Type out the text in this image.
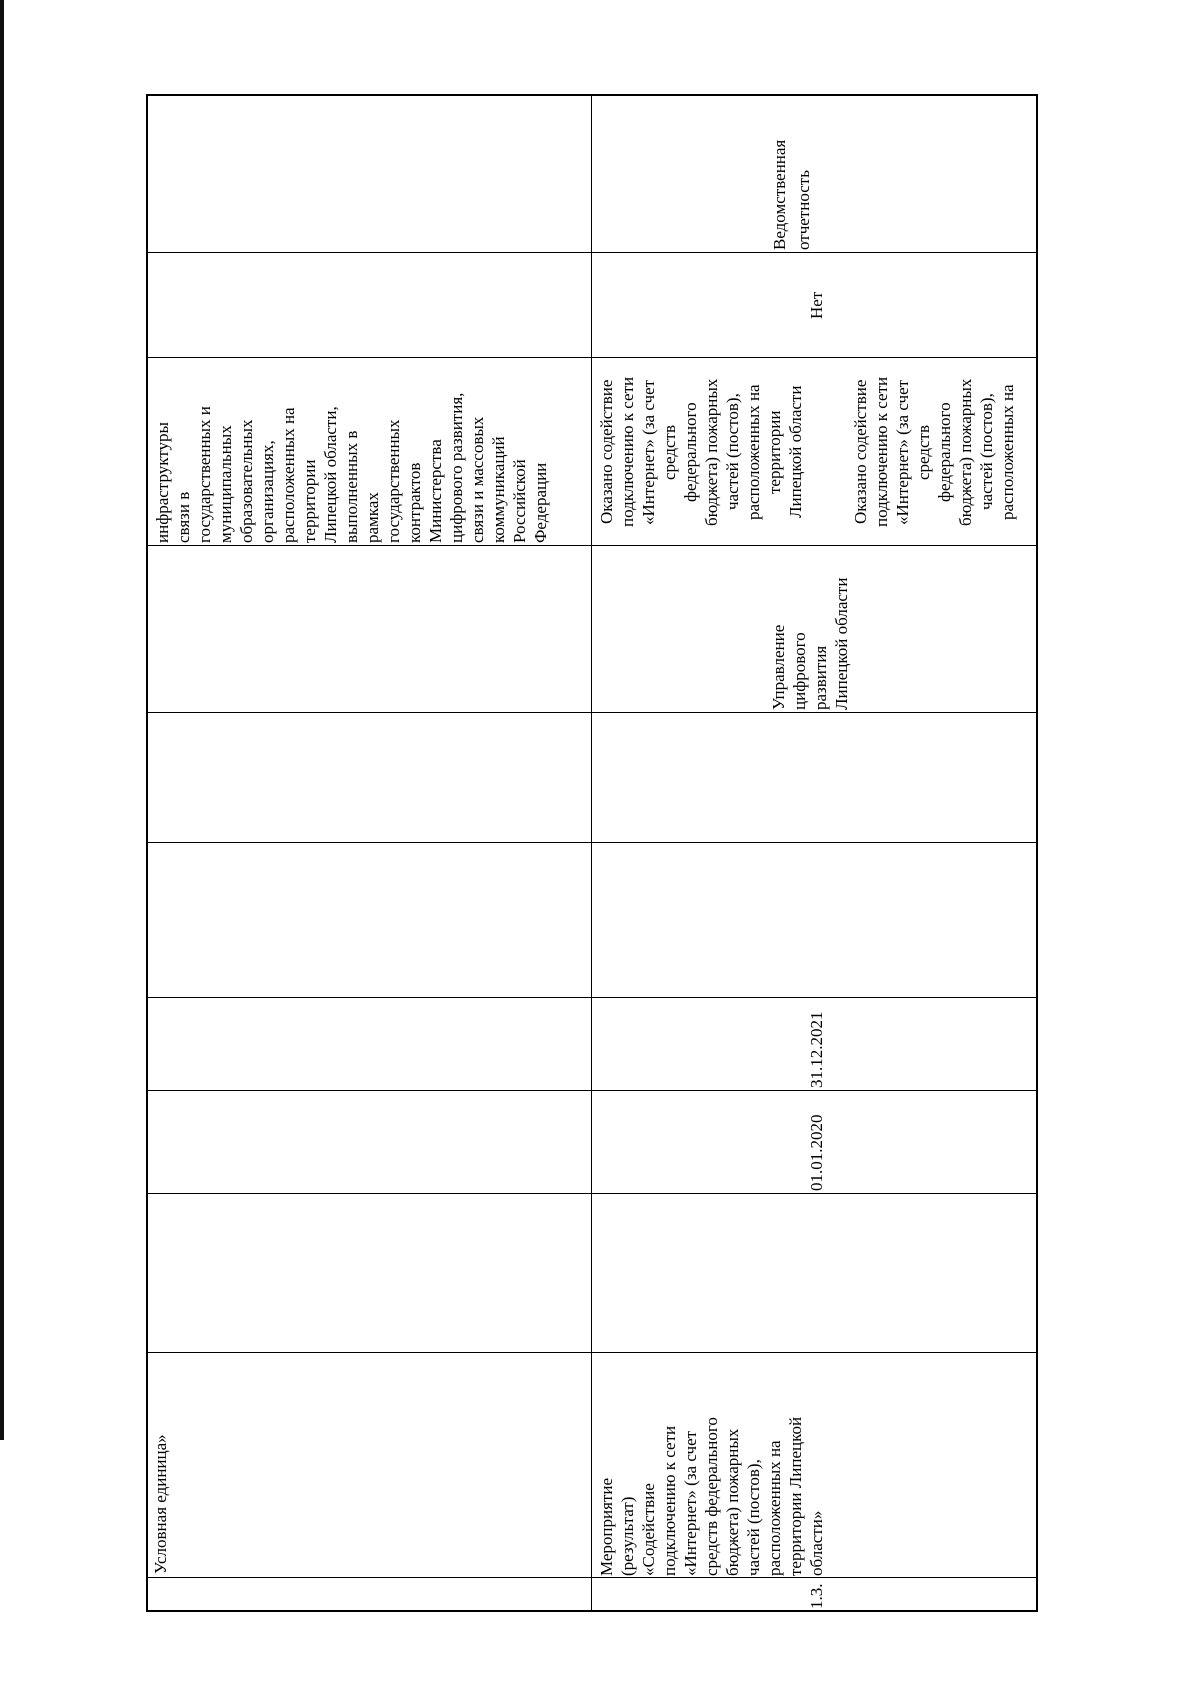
Условная единица»
инфраструктуры
связи в
государственных и
муниципальных
образовательных
организациях,
расположенных на
территории
Липецкой области,
выполненных в
рамках
государственных
контрактов
Министерства
цифрового развития,
связи и массовых
коммуникаций
Российской
Федерации
1.3.
Мероприятие
(результат)
«Содействие
подключению к сети
«Интернет» (за счет
средств федерального
бюджета) пожарных
частей (постов),
расположенных на
территории Липецкой
области»
01.01.2020
31.12.2021
Управление
цифрового
развития
Липецкой области
Оказано содействие
подключению к сети
«Интернет» (за счет
средств
федерального
бюджета) пожарных
частей (постов),
расположенных на
территории
Липецкой области
Оказано содействие
подключению к сети
«Интернет» (за счет
средств
федерального
бюджета) пожарных
частей (постов),
расположенных на
Нет
Ведомственная
отчетность
